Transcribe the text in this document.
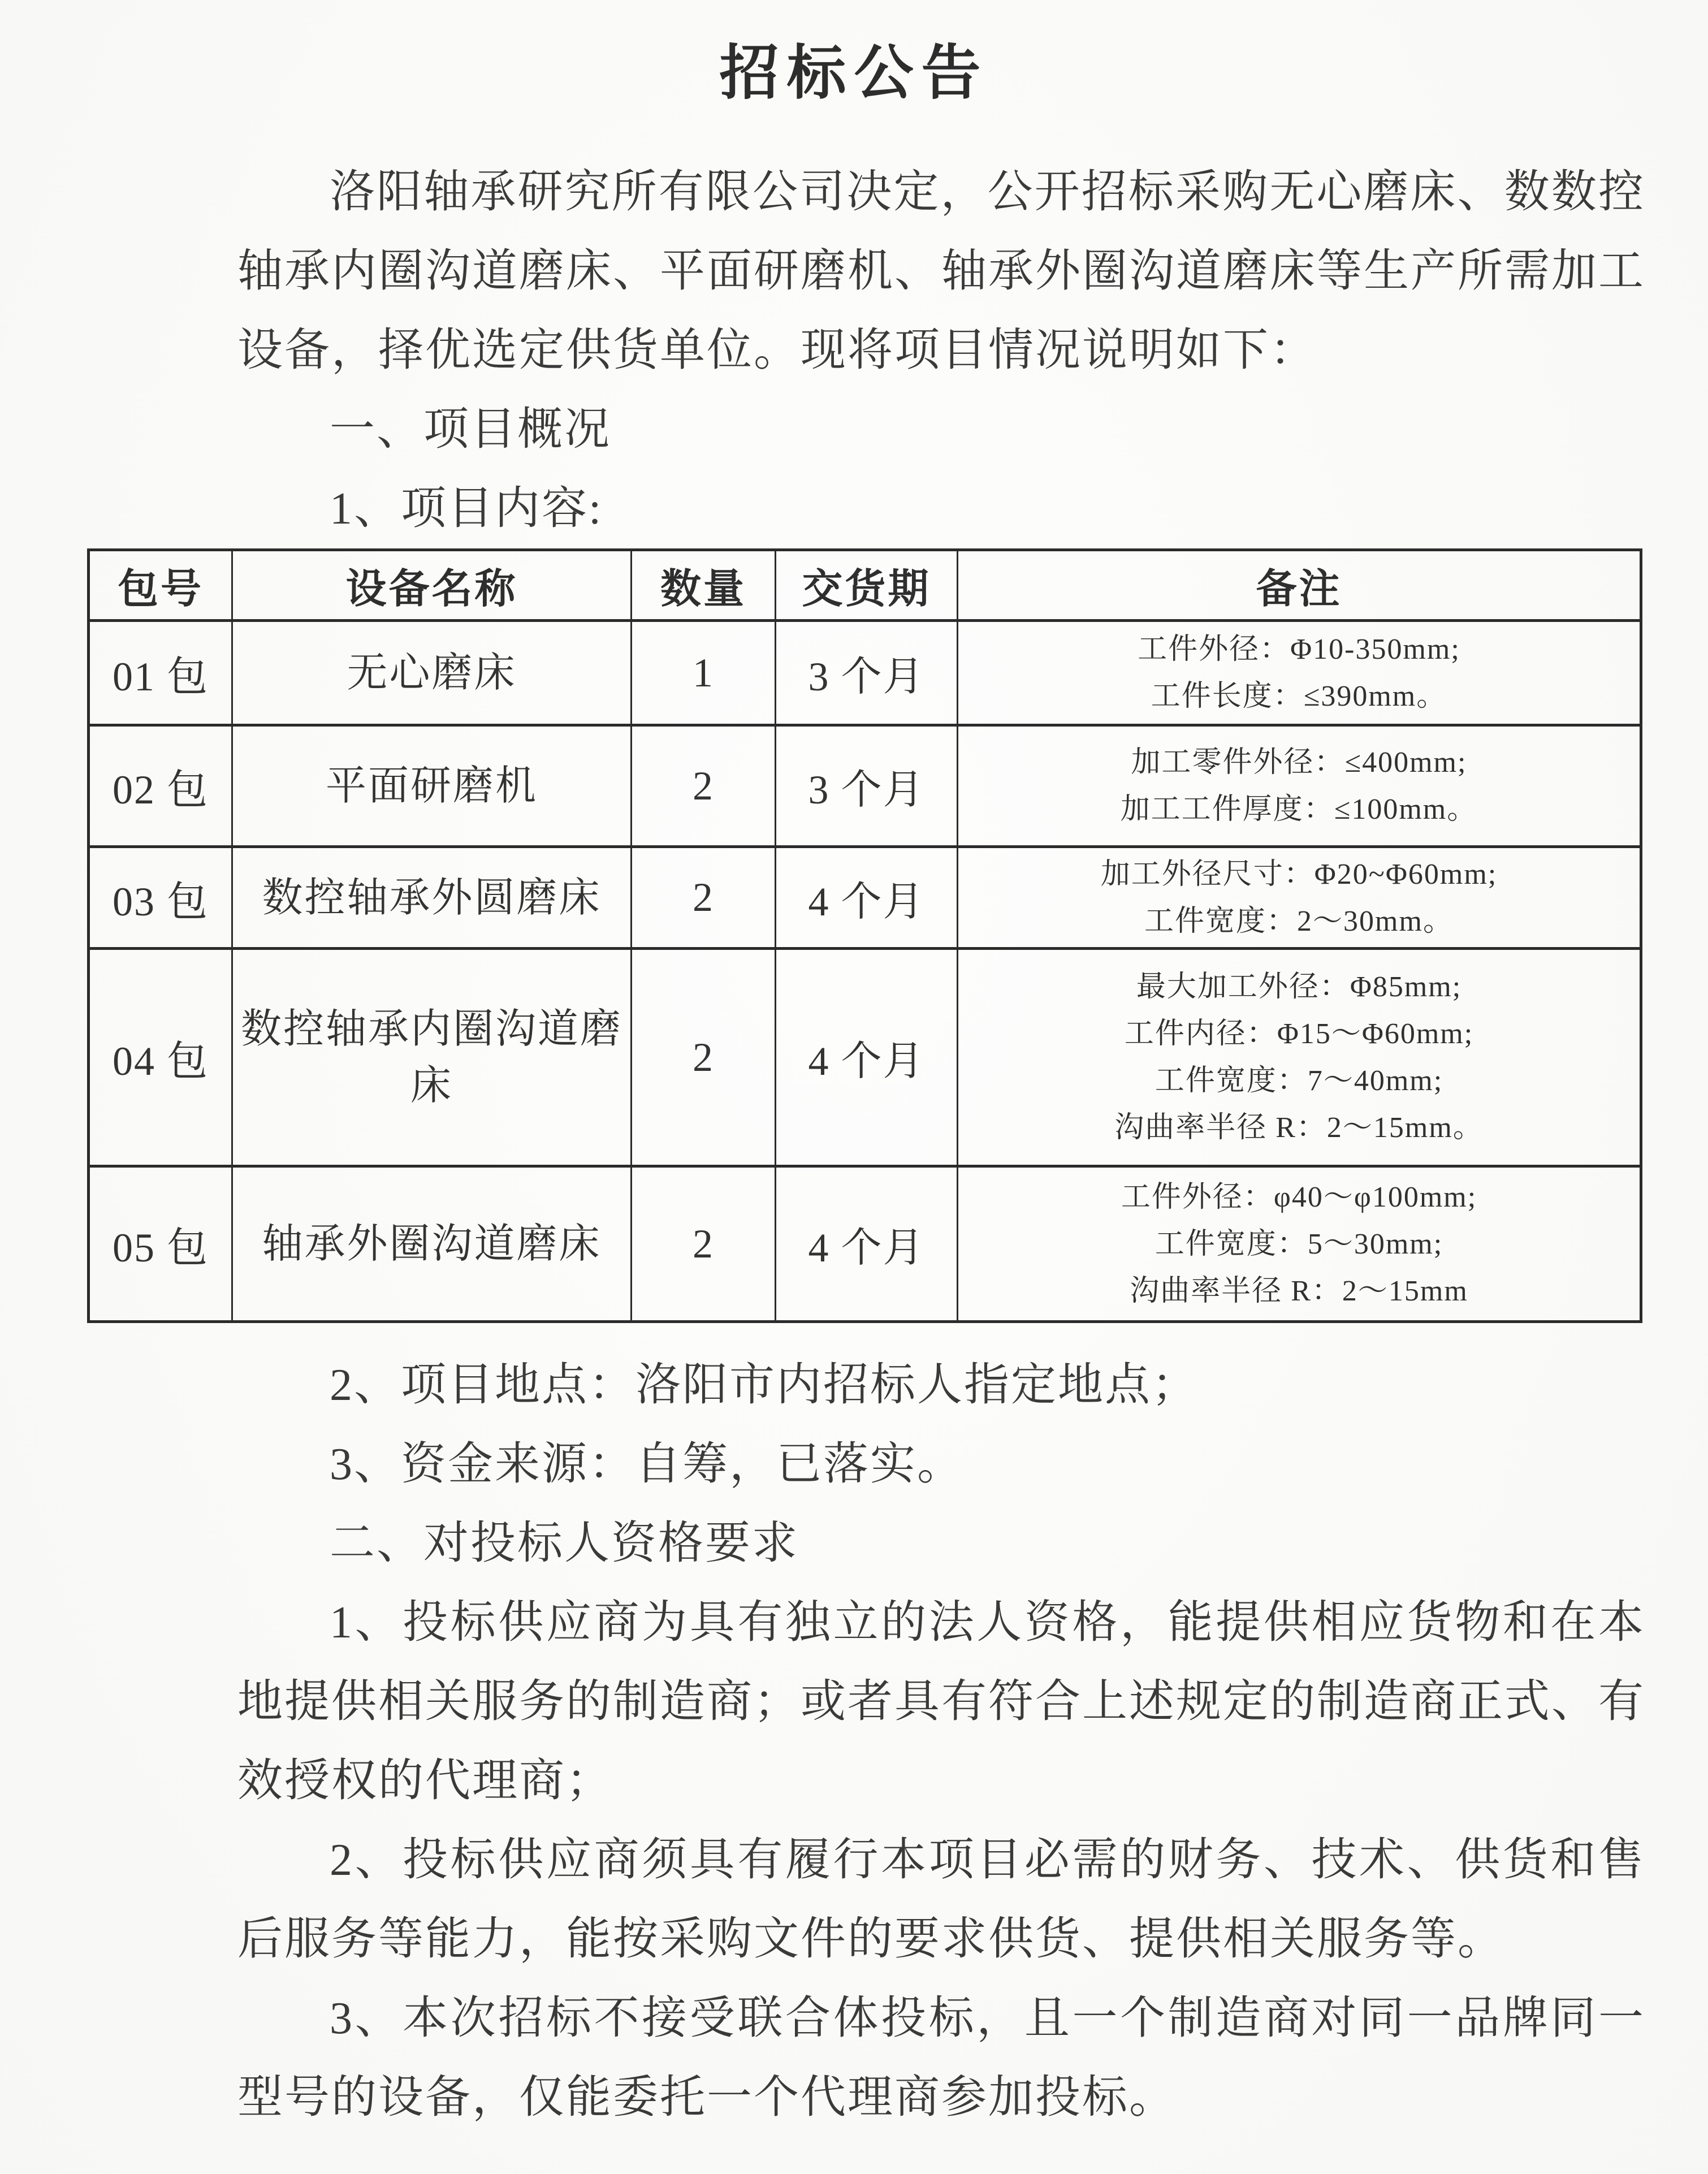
招标公告

洛阳轴承研究所有限公司决定，公开招标采购无心磨床、数数控轴承内圈沟道磨床、平面研磨机、轴承外圈沟道磨床等生产所需加工设备，择优选定供货单位。现将项目情况说明如下：

一、项目概况

1、项目内容:

包号	设备名称	数量	交货期	备注
01 包	无心磨床	1	3 个月	工件外径：Φ10-350mm;
工件长度：≤390mm。

02 包	平面研磨机	2	3 个月	加工零件外径：≤400mm;
加工工件厚度：≤100mm。

03 包	数控轴承外圆磨床	2	4 个月	加工外径尺寸：Φ20~Φ60mm;
工件宽度：2～30mm。

04 包	数控轴承内圈沟道磨床	2	4 个月	最大加工外径：Φ85mm;
工件内径：Φ15～Φ60mm;
工件宽度：7～40mm;
沟曲率半径 R：2～15mm。

05 包	轴承外圈沟道磨床	2	4 个月	工件外径：φ40～φ100mm;
工件宽度：5～30mm;
沟曲率半径 R：2～15mm

2、项目地点：洛阳市内招标人指定地点；

3、资金来源：自筹，已落实。

二、对投标人资格要求

1、投标供应商为具有独立的法人资格，能提供相应货物和在本地提供相关服务的制造商；或者具有符合上述规定的制造商正式、有效授权的代理商；

2、投标供应商须具有履行本项目必需的财务、技术、供货和售后服务等能力，能按采购文件的要求供货、提供相关服务等。

3、本次招标不接受联合体投标，且一个制造商对同一品牌同一型号的设备，仅能委托一个代理商参加投标。
